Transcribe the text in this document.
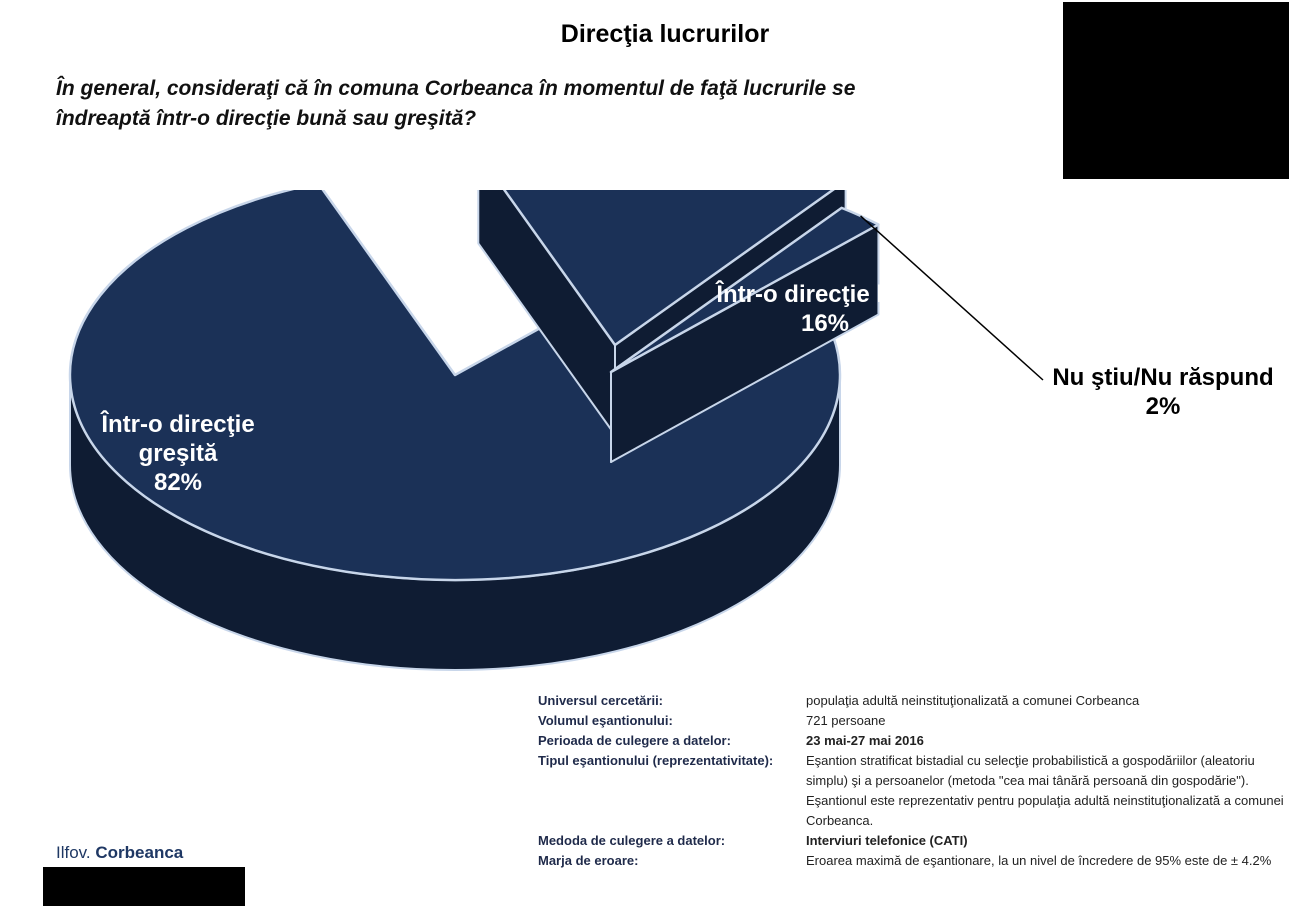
Direcţia lucrurilor
În general, consideraţi că în comuna Corbeanca în momentul de faţă lucrurile se îndreaptă într-o direcţie bună sau greşită?
Într-o direcţie greşită 82%
Într-o direcţie bună 16%
Nu ştiu/Nu răspund 2%
Universul cercetării:	populaţia adultă neinstituţionalizată a comunei Corbeanca
Volumul eşantionului:	721 persoane
Perioada de culegere a datelor:	23 mai-27 mai 2016
Tipul eşantionului (reprezentativitate):	Eşantion stratificat bistadial cu selecţie probabilistică a gospodăriilor (aleatoriu simplu) şi a persoanelor (metoda "cea mai tânără persoană din gospodărie"). Eşantionul este reprezentativ pentru populaţia adultă neinstituţionalizată a comunei Corbeanca.
Medoda de culegere a datelor:	Interviuri telefonice (CATI)
Marja de eroare:	Eroarea maximă de eşantionare, la un nivel de încredere de 95% este de ± 4.2%
Ilfov. Corbeanca
